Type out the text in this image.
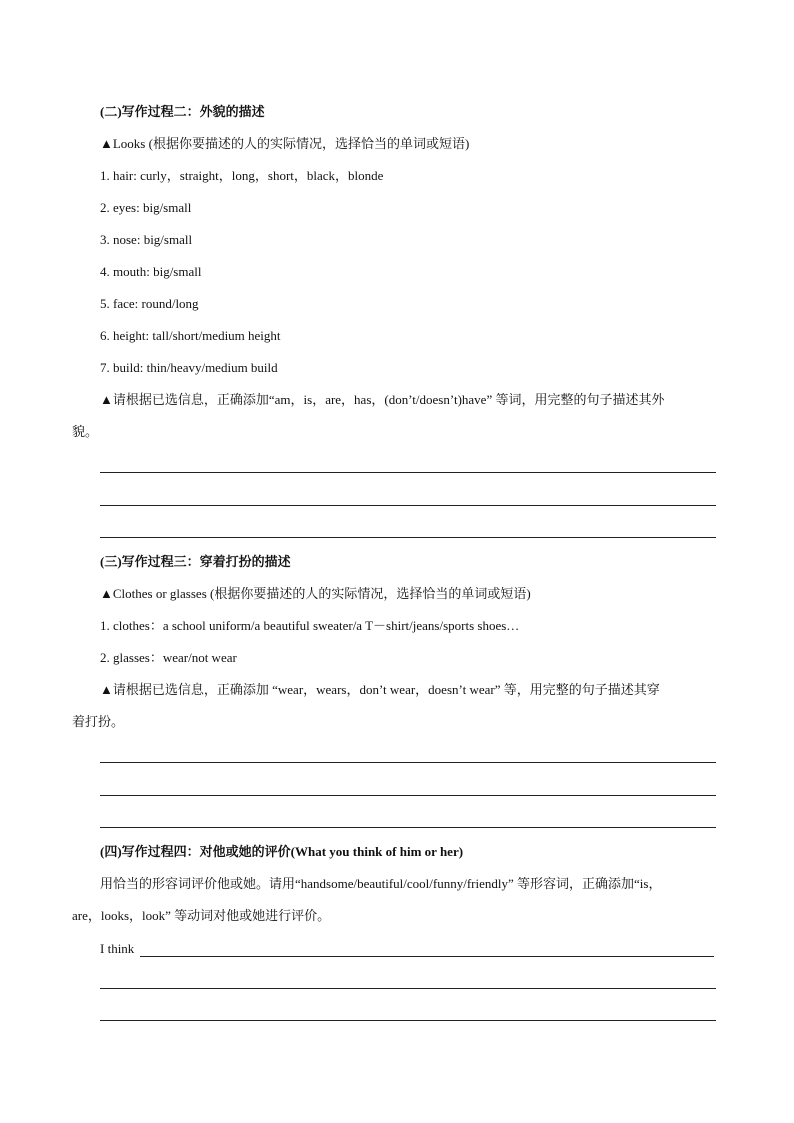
(二)写作过程二：外貌的描述
▲Looks (根据你要描述的人的实际情况，选择恰当的单词或短语)
1. hair: curly，straight，long，short，black，blonde
2. eyes: big/small
3. nose: big/small
4. mouth: big/small
5. face: round/long
6. height: tall/short/medium height
7. build: thin/heavy/medium build
▲请根据已选信息，正确添加“am，is，are，has，(don’t/doesn’t)have” 等词，用完整的句子描述其外
貌。
(三)写作过程三：穿着打扮的描述
▲Clothes or glasses (根据你要描述的人的实际情况，选择恰当的单词或短语)
1. clothes：a school uniform/a beautiful sweater/a T－shirt/jeans/sports shoes…
2. glasses：wear/not wear
▲请根据已选信息，正确添加 “wear，wears，don’t wear，doesn’t wear” 等，用完整的句子描述其穿
着打扮。
(四)写作过程四：对他或她的评价(What you think of him or her)
用恰当的形容词评价他或她。请用“handsome/beautiful/cool/funny/friendly” 等形容词，正确添加“is，
are，looks，look” 等动词对他或她进行评价。
I think
